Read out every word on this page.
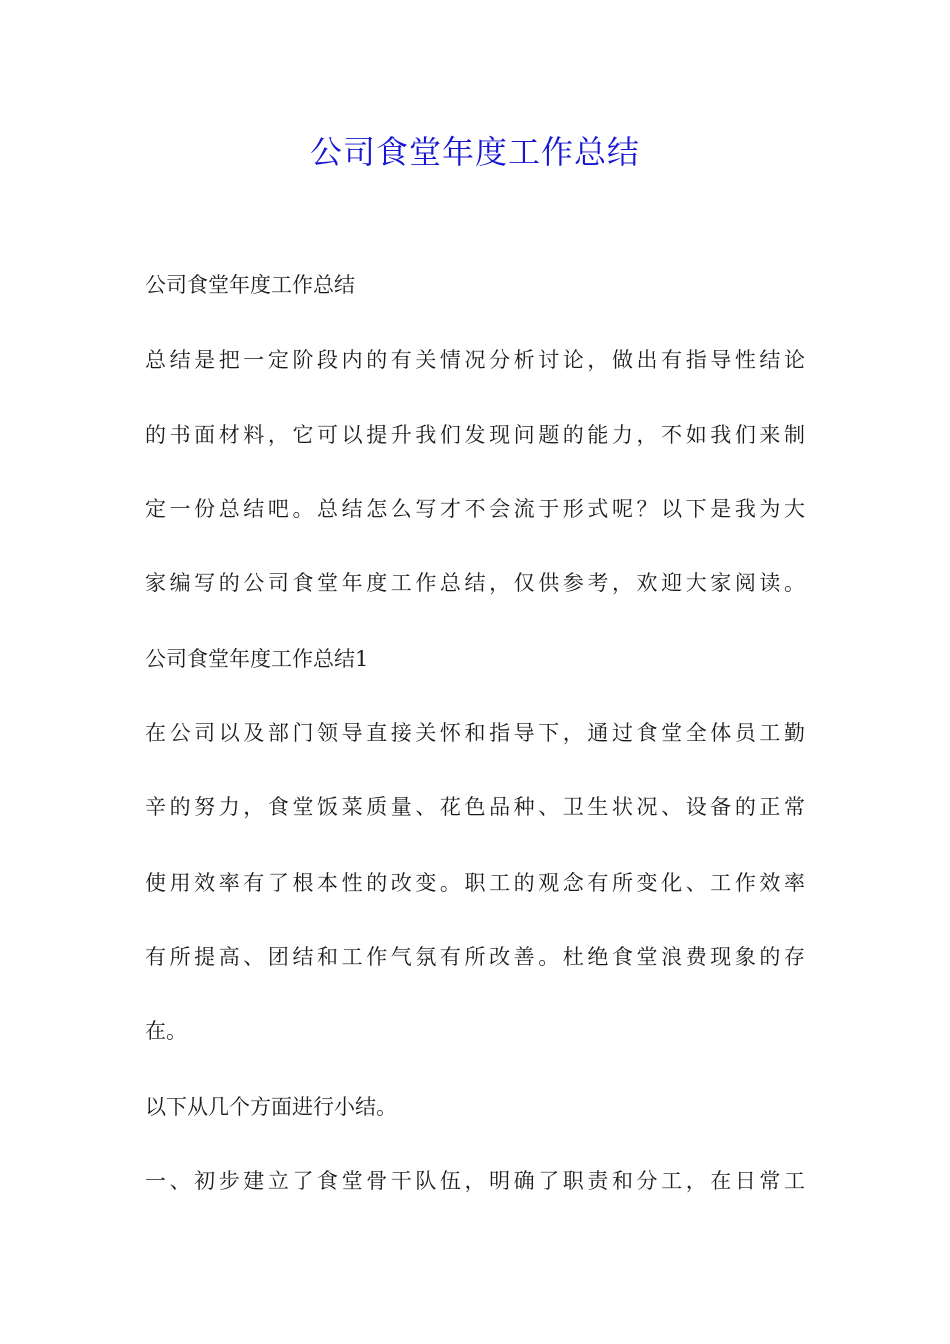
公司食堂年度工作总结
公司食堂年度工作总结
总结是把一定阶段内的有关情况分析讨论，做出有指导性结论
的书面材料，它可以提升我们发现问题的能力，不如我们来制
定一份总结吧。总结怎么写才不会流于形式呢？以下是我为大
家编写的公司食堂年度工作总结，仅供参考，欢迎大家阅读。
公司食堂年度工作总结1
在公司以及部门领导直接关怀和指导下，通过食堂全体员工勤
辛的努力，食堂饭菜质量、花色品种、卫生状况、设备的正常
使用效率有了根本性的改变。职工的观念有所变化、工作效率
有所提高、团结和工作气氛有所改善。杜绝食堂浪费现象的存
在。
以下从几个方面进行小结。
一、初步建立了食堂骨干队伍，明确了职责和分工，在日常工
